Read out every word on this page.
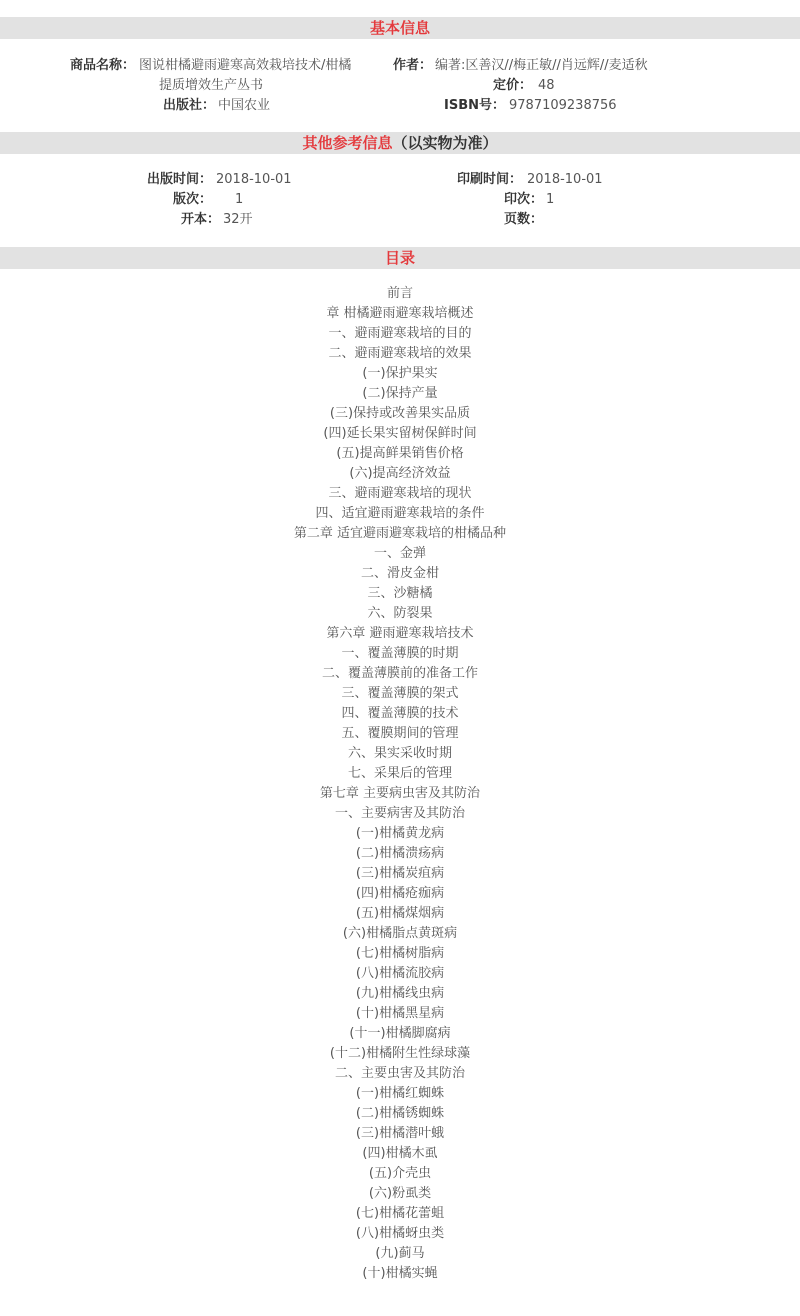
基本信息
商品名称： 图说柑橘避雨避寒高效栽培技术/柑橘
提质增效生产丛书
作者： 编著:区善汉//梅正敏//肖远辉//麦适秋
定价： 48
出版社： 中国农业	ISBN号： 9787109238756
其他参考信息（以实物为准）
出版时间： 2018-10-01	印刷时间： 2018-10-01
版次： 1	印次： 1
开本： 32开	页数：
目录
前言
章 柑橘避雨避寒栽培概述
一、避雨避寒栽培的目的
二、避雨避寒栽培的效果
(一)保护果实
(二)保持产量
(三)保持或改善果实品质
(四)延长果实留树保鲜时间
(五)提高鲜果销售价格
(六)提高经济效益
三、避雨避寒栽培的现状
四、适宜避雨避寒栽培的条件
第二章 适宜避雨避寒栽培的柑橘品种
一、金弹
二、滑皮金柑
三、沙糖橘
六、防裂果
第六章 避雨避寒栽培技术
一、覆盖薄膜的时期
二、覆盖薄膜前的准备工作
三、覆盖薄膜的架式
四、覆盖薄膜的技术
五、覆膜期间的管理
六、果实采收时期
七、采果后的管理
第七章 主要病虫害及其防治
一、主要病害及其防治
(一)柑橘黄龙病
(二)柑橘溃疡病
(三)柑橘炭疽病
(四)柑橘疮痂病
(五)柑橘煤烟病
(六)柑橘脂点黄斑病
(七)柑橘树脂病
(八)柑橘流胶病
(九)柑橘线虫病
(十)柑橘黑星病
(十一)柑橘脚腐病
(十二)柑橘附生性绿球藻
二、主要虫害及其防治
(一)柑橘红蜘蛛
(二)柑橘锈蜘蛛
(三)柑橘潜叶蛾
(四)柑橘木虱
(五)介壳虫
(六)粉虱类
(七)柑橘花蕾蛆
(八)柑橘蚜虫类
(九)蓟马
(十)柑橘实蝇
